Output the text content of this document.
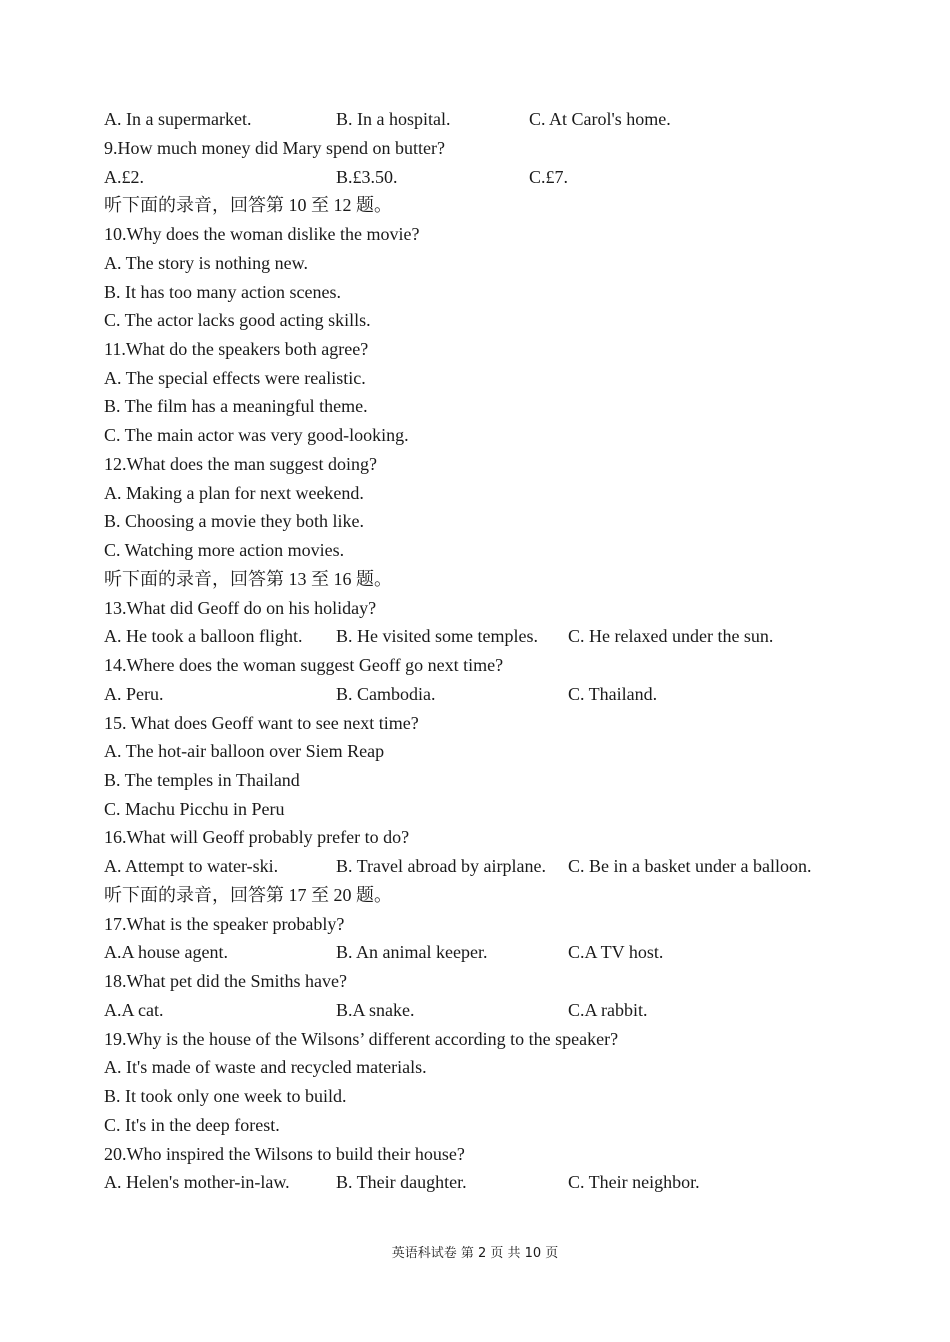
A. In a supermarket.	B. In a hospital.	C. At Carol's home.
9.How much money did Mary spend on butter?
A.£2.	B.£3.50.	C.£7.
听下面的录音，回答第 10 至 12 题。
10.Why does the woman dislike the movie?
A. The story is nothing new.
B. It has too many action scenes.
C. The actor lacks good acting skills.
11.What do the speakers both agree?
A. The special effects were realistic.
B. The film has a meaningful theme.
C. The main actor was very good-looking.
12.What does the man suggest doing?
A. Making a plan for next weekend.
B. Choosing a movie they both like.
C. Watching more action movies.
听下面的录音，回答第 13 至 16 题。
13.What did Geoff do on his holiday?
A. He took a balloon flight. B. He visited some temples. C. He relaxed under the sun.
14.Where does the woman suggest Geoff go next time?
A. Peru.	B. Cambodia.	C. Thailand.
15. What does Geoff want to see next time?
A. The hot-air balloon over Siem Reap
B. The temples in Thailand
C. Machu Picchu in Peru
16.What will Geoff probably prefer to do?
A. Attempt to water-ski.	B. Travel abroad by airplane. C. Be in a basket under a balloon.
听下面的录音，回答第 17 至 20 题。
17.What is the speaker probably?
A.A house agent.	B. An animal keeper.	C.A TV host.
18.What pet did the Smiths have?
A.A cat.	B.A snake.	C.A rabbit.
19.Why is the house of the Wilsons’ different according to the speaker?
A. It's made of waste and recycled materials.
B. It took only one week to build.
C. It's in the deep forest.
20.Who inspired the Wilsons to build their house?
A. Helen's mother-in-law.	B. Their daughter.	C. Their neighbor.
英语科试卷 第 2 页 共 10 页
